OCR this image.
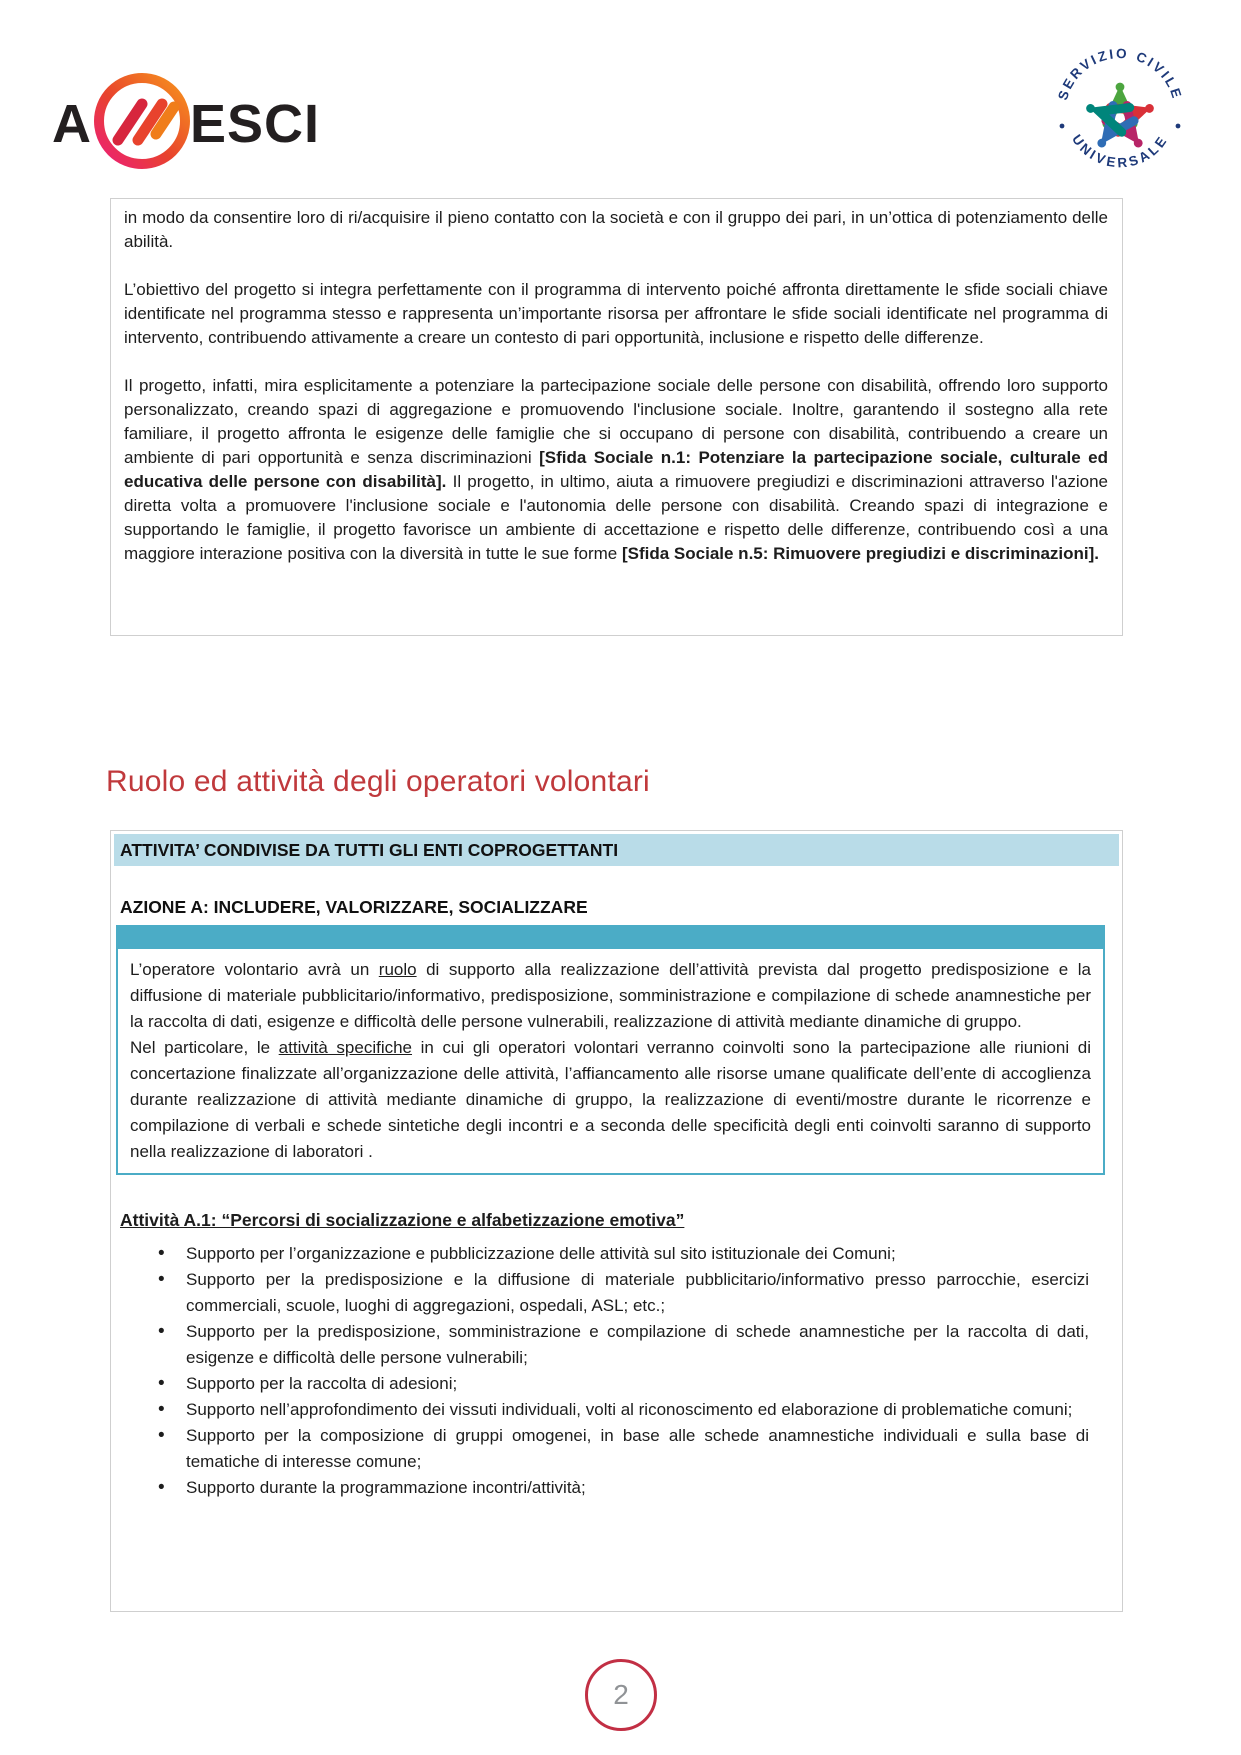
A ESCI	SERVIZIO CIVILE
UNIVERSALE

in modo da consentire loro di ri/acquisire il pieno contatto con la società e con il gruppo dei pari, in un’ottica di potenziamento delle abilità.

L’obiettivo del progetto si integra perfettamente con il programma di intervento poiché affronta direttamente le sfide sociali chiave identificate nel programma stesso e rappresenta un’importante risorsa per affrontare le sfide sociali identificate nel programma di intervento, contribuendo attivamente a creare un contesto di pari opportunità, inclusione e rispetto delle differenze.

Il progetto, infatti, mira esplicitamente a potenziare la partecipazione sociale delle persone con disabilità, offrendo loro supporto personalizzato, creando spazi di aggregazione e promuovendo l'inclusione sociale. Inoltre, garantendo il sostegno alla rete familiare, il progetto affronta le esigenze delle famiglie che si occupano di persone con disabilità, contribuendo a creare un ambiente di pari opportunità e senza discriminazioni [Sfida Sociale n.1: Potenziare la partecipazione sociale, culturale ed educativa delle persone con disabilità]. Il progetto, in ultimo, aiuta a rimuovere pregiudizi e discriminazioni attraverso l'azione diretta volta a promuovere l'inclusione sociale e l'autonomia delle persone con disabilità. Creando spazi di integrazione e supportando le famiglie, il progetto favorisce un ambiente di accettazione e rispetto delle differenze, contribuendo così a una maggiore interazione positiva con la diversità in tutte le sue forme [Sfida Sociale n.5: Rimuovere pregiudizi e discriminazioni].

Ruolo ed attività degli operatori volontari
ATTIVITA’ CONDIVISE DA TUTTI GLI ENTI COPROGETTANTI
AZIONE A: INCLUDERE, VALORIZZARE, SOCIALIZZARE

L’operatore volontario avrà un ruolo di supporto alla realizzazione dell’attività prevista dal progetto predisposizione e la diffusione di materiale pubblicitario/informativo, predisposizione, somministrazione e compilazione di schede anamnestiche per la raccolta di dati, esigenze e difficoltà delle persone vulnerabili, realizzazione di attività mediante dinamiche di gruppo.

Nel particolare, le attività specifiche in cui gli operatori volontari verranno coinvolti sono la partecipazione alle riunioni di concertazione finalizzate all’organizzazione delle attività, l’affiancamento alle risorse umane qualificate dell’ente di accoglienza durante realizzazione di attività mediante dinamiche di gruppo, la realizzazione di eventi/mostre durante le ricorrenze e compilazione di verbali e schede sintetiche degli incontri e a seconda delle specificità degli enti coinvolti saranno di supporto nella realizzazione di laboratori .

Attività A.1: “Percorsi di socializzazione e alfabetizzazione emotiva”
• Supporto per l’organizzazione e pubblicizzazione delle attività sul sito istituzionale dei Comuni;
• Supporto per la predisposizione e la diffusione di materiale pubblicitario/informativo presso parrocchie, esercizi commerciali, scuole, luoghi di aggregazioni, ospedali, ASL; etc.;
• Supporto per la predisposizione, somministrazione e compilazione di schede anamnestiche per la raccolta di dati, esigenze e difficoltà delle persone vulnerabili;
• Supporto per la raccolta di adesioni;
• Supporto nell’approfondimento dei vissuti individuali, volti al riconoscimento ed elaborazione di problematiche comuni;
• Supporto per la composizione di gruppi omogenei, in base alle schede anamnestiche individuali e sulla base di tematiche di interesse comune;
• Supporto durante la programmazione incontri/attività;
2
